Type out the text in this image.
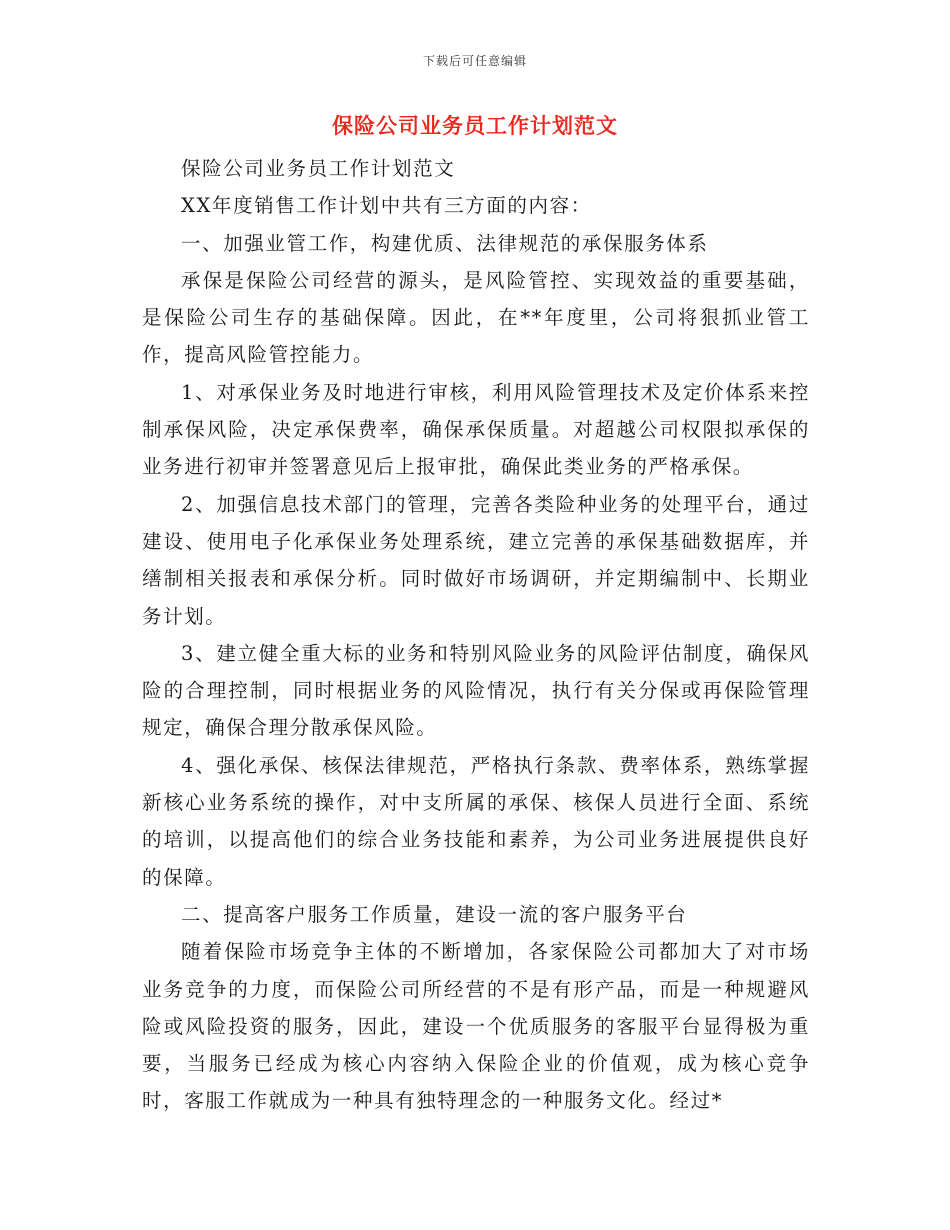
下载后可任意编辑
保险公司业务员工作计划范文

保险公司业务员工作计划范文

XX年度销售工作计划中共有三方面的内容：

一、加强业管工作，构建优质、法律规范的承保服务体系

承保是保险公司经营的源头，是风险管控、实现效益的重要基础，是保险公司生存的基础保障。因此，在**年度里，公司将狠抓业管工作，提高风险管控能力。

1、对承保业务及时地进行审核，利用风险管理技术及定价体系来控制承保风险，决定承保费率，确保承保质量。对超越公司权限拟承保的业务进行初审并签署意见后上报审批，确保此类业务的严格承保。

2、加强信息技术部门的管理，完善各类险种业务的处理平台，通过建设、使用电子化承保业务处理系统，建立完善的承保基础数据库，并缮制相关报表和承保分析。同时做好市场调研，并定期编制中、长期业务计划。

3、建立健全重大标的业务和特别风险业务的风险评估制度，确保风险的合理控制，同时根据业务的风险情况，执行有关分保或再保险管理规定，确保合理分散承保风险。

4、强化承保、核保法律规范，严格执行条款、费率体系，熟练掌握新核心业务系统的操作，对中支所属的承保、核保人员进行全面、系统的培训，以提高他们的综合业务技能和素养，为公司业务进展提供良好的保障。

二、提高客户服务工作质量，建设一流的客户服务平台

随着保险市场竞争主体的不断增加，各家保险公司都加大了对市场业务竞争的力度，而保险公司所经营的不是有形产品，而是一种规避风险或风险投资的服务，因此，建设一个优质服务的客服平台显得极为重要，当服务已经成为核心内容纳入保险企业的价值观，成为核心竞争时，客服工作就成为一种具有独特理念的一种服务文化。经过*
